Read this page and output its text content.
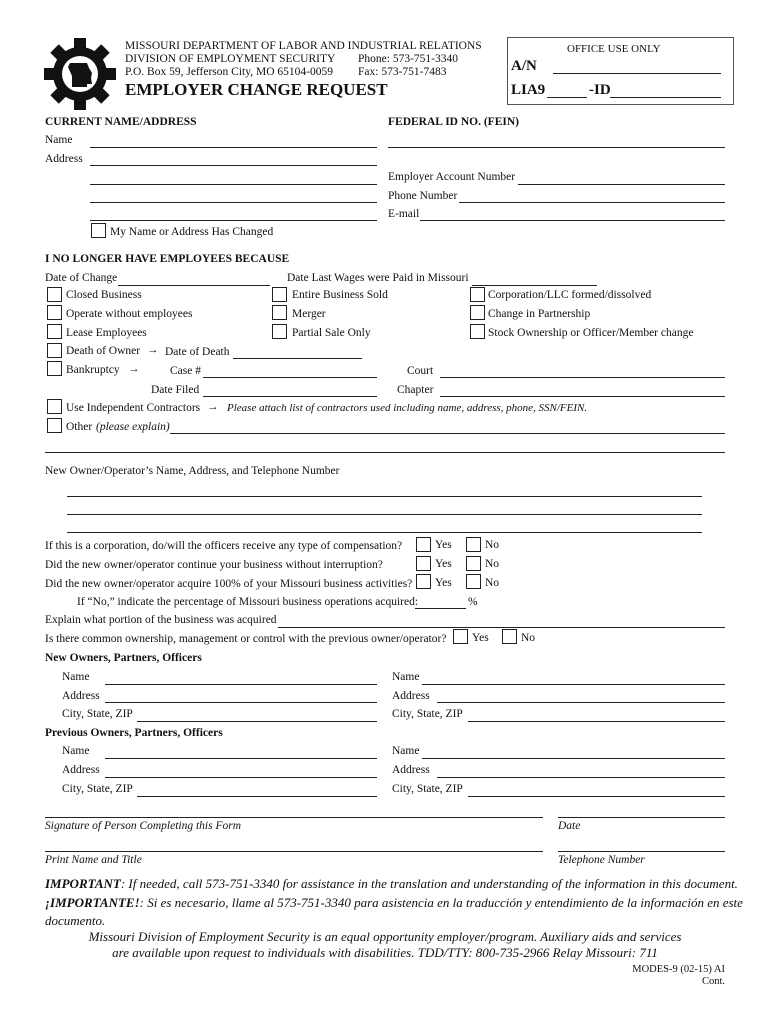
MISSOURI DEPARTMENT OF LABOR AND INDUSTRIAL RELATIONS
DIVISION OF EMPLOYMENT SECURITY Phone: 573-751-3340
P.O. Box 59, Jefferson City, MO 65104-0059 Fax: 573-751-7483
EMPLOYER CHANGE REQUEST
OFFICE USE ONLY
A/N
LIA9	-ID
CURRENT NAME/ADDRESS	FEDERAL ID NO. (FEIN)
Name
Address
Employer Account Number
Phone Number
E-mail
My Name or Address Has Changed
I NO LONGER HAVE EMPLOYEES BECAUSE
Date of Change	Date Last Wages were Paid in Missouri
Closed Business	Entire Business Sold	Corporation/LLC formed/dissolved
Operate without employees	Merger	Change in Partnership
Lease Employees	Partial Sale Only	Stock Ownership or Officer/Member change
Death of Owner → Date of Death
Bankruptcy →	Case #	Court
Date Filed	Chapter
Use Independent Contractors → Please attach list of contractors used including name, address, phone, SSN/FEIN.
Other (please explain)
New Owner/Operator’s Name, Address, and Telephone Number
If this is a corporation, do/will the officers receive any type of compensation?	Yes	No
Did the new owner/operator continue your business without interruption?	Yes	No
Did the new owner/operator acquire 100% of your Missouri business activities? Yes	No
If “No,” indicate the percentage of Missouri business operations acquired:	%
Explain what portion of the business was acquired
Is there common ownership, management or control with the previous owner/operator? Yes	No
New Owners, Partners, Officers
Name	Name
Address	Address
City, State, ZIP	City, State, ZIP
Previous Owners, Partners, Officers
Name	Name
Address	Address
City, State, ZIP	City, State, ZIP
Signature of Person Completing this Form	Date
Print Name and Title	Telephone Number
IMPORTANT: If needed, call 573-751-3340 for assistance in the translation and understanding of the information in this document.
¡IMPORTANTE!: Si es necesario, llame al 573-751-3340 para asistencia en la traducción y entendimiento de la información en este
documento.
Missouri Division of Employment Security is an equal opportunity employer/program. Auxiliary aids and services
are available upon request to individuals with disabilities. TDD/TTY: 800-735-2966 Relay Missouri: 711
MODES-9 (02-15) AI
Cont.
